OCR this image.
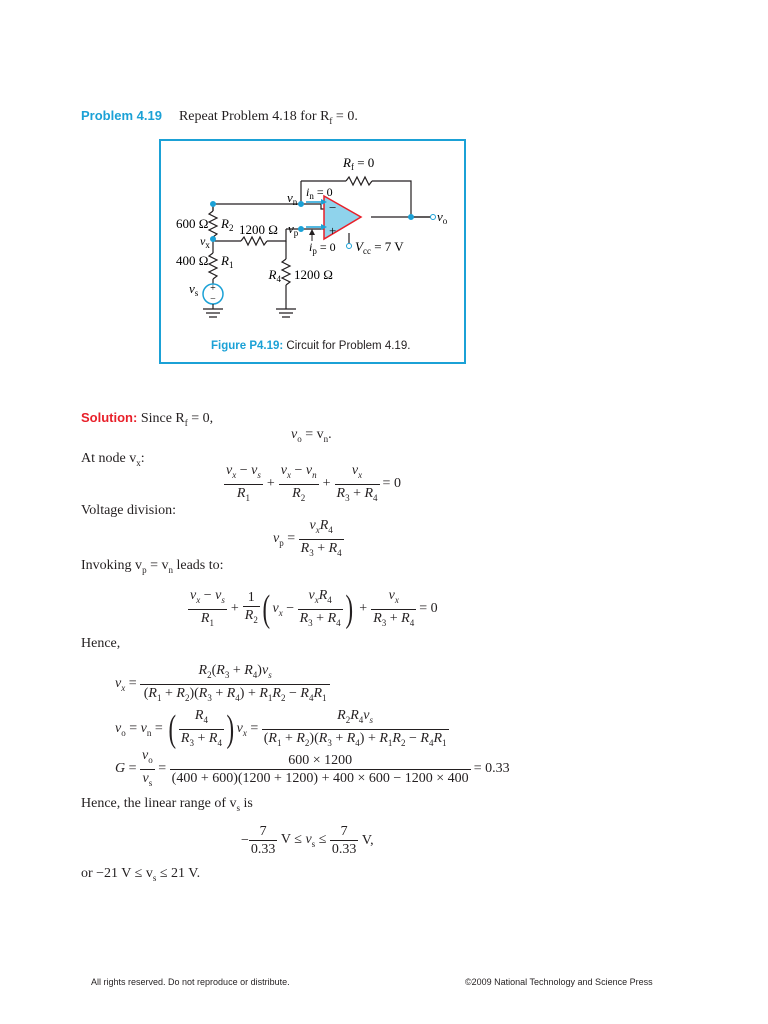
Problem 4.19 Repeat Problem 4.18 for $R_f = 0$.
$R_f = 0$
$v_n$
$i_n = 0$
−
+
$v_p$
$i_p = 0$ $V_{cc} = 7$ V
$v_o$
600 Ω $R_2$ 1200 Ω
$v_x$
400 Ω $R_1$
$R_4$ 1200 Ω
$v_s$ +
−
Figure P4.19: Circuit for Problem 4.19.
Solution: Since $R_f = 0$,
$v_o = v_n$.
At node $v_x$:
$\frac{v_x - v_s}{R_1} + \frac{v_x - v_n}{R_2} + \frac{v_x}{R_3 + R_4} = 0$
Voltage division:
$v_p = \frac{v_xR_4}{R_3 + R_4}$
Invoking $v_p = v_n$ leads to:
$\frac{v_x - v_s}{R_1} + \frac{1}{R_2}$ ( $v_x - \frac{v_xR_4}{R_3 + R_4}$ ) + $\frac{v_x}{R_3 + R_4} = 0$
Hence,
$v_x = \frac{R_2(R_3 + R_4)v_s}{(R_1 + R_2)(R_3 + R_4) + R_1R_2 - R_4R_1}$
$v_o = v_n$ = ( $\frac{R_4}{R_3 + R_4}$ ) $v_x = \frac{R_2R_4v_s}{(R_1 + R_2)(R_3 + R_4) + R_1R_2 - R_4R_1}$
$G = \frac{v_o}{v_s} = \frac{600 \times 1200}{(400 + 600)(1200 + 1200) + 400 \times 600 - 1200 \times 400} = 0.33$
Hence, the linear range of $v_s$ is
− $\frac{7}{0.33}$ $V \le v_s \le \frac{7}{0.33} V$,
or −21 $V \le v_s \le 21$ V.
All rights reserved. Do not reproduce or distribute.	©2009 National Technology and Science Press
